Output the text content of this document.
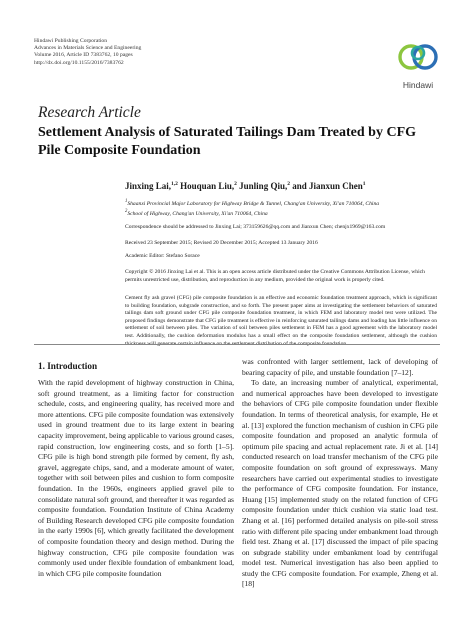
Hindawi Publishing Corporation
Advances in Materials Science and Engineering
Volume 2016, Article ID 7383762, 10 pages
http://dx.doi.org/10.1155/2016/7383762
Hindawi
Research Article
Settlement Analysis of Saturated Tailings Dam Treated by CFG Pile Composite Foundation
Jinxing Lai,$^{1,2}$ Houquan Liu,$^2$ Junling Qiu,$^2$ and Jianxun Chen$^1$
$^1$Shaanxi Provincial Major Laboratory for Highway Bridge & Tunnel, Chang'an University, Xi'an 710064, China
$^2$School of Highway, Chang'an University, Xi'an 710064, China
Correspondence should be addressed to Jinxing Lai; 373159626@qq.com and Jianxun Chen; chenjx1969@163.com
Received 23 September 2015; Revised 20 December 2015; Accepted 13 January 2016
Academic Editor: Stefano Sorace
Copyright © 2016 Jinxing Lai et al. This is an open access article distributed under the Creative Commons Attribution License, which permits unrestricted use, distribution, and reproduction in any medium, provided the original work is properly cited.
Cement fly ash gravel (CFG) pile composite foundation is an effective and economic foundation treatment approach, which is significant to building foundation, subgrade construction, and so forth. The present paper aims at investigating the settlement behaviors of saturated tailings dam soft ground under CFG pile composite foundation treatment, in which FEM and laboratory model test were utilized. The proposed findings demonstrate that CFG pile treatment is effective in reinforcing saturated tailings dams and loading has little influence on settlement of soil between piles. The variation of soil between piles settlement in FEM has a good agreement with the laboratory model test. Additionally, the cushion deformation modulus has a small effect on the composite foundation settlement, although the cushion thickness will generate certain influence on the settlement distribution of the composite foundation.
1. Introduction

With the rapid development of highway construction in China, soft ground treatment, as a limiting factor for construction schedule, costs, and engineering quality, has received more and more attentions. CFG pile composite foundation was extensively used in ground treatment due to its large extent in bearing capacity improvement, being applicable to various ground cases, rapid construction, low engineering costs, and so forth [1–5]. CFG pile is high bond strength pile formed by cement, fly ash, gravel, aggregate chips, sand, and a moderate amount of water, together with soil between piles and cushion to form composite foundation. In the 1960s, engineers applied gravel pile to consolidate natural soft ground, and thereafter it was regarded as composite foundation. Foundation Institute of China Academy of Building Research developed CFG pile composite foundation in the early 1990s [6], which greatly facilitated the development of composite foundation theory and design method. During the highway construction, CFG pile composite foundation was commonly used under flexible foundation of embankment load, in which CFG pile composite foundation

was confronted with larger settlement, lack of developing of bearing capacity of pile, and unstable foundation [7–12].

To date, an increasing number of analytical, experimental, and numerical approaches have been developed to investigate the behaviors of CFG pile composite foundation under flexible foundation. In terms of theoretical analysis, for example, He et al. [13] explored the function mechanism of cushion in CFG pile composite foundation and proposed an analytic formula of optimum pile spacing and actual replacement rate. Ji et al. [14] conducted research on load transfer mechanism of the CFG pile composite foundation on soft ground of expressways. Many researchers have carried out experimental studies to investigate the performance of CFG composite foundation. For instance, Huang [15] implemented study on the related function of CFG composite foundation under thick cushion via static load test. Zhang et al. [16] performed detailed analysis on pile-soil stress ratio with different pile spacing under embankment load through field test. Zhang et al. [17] discussed the impact of pile spacing on subgrade stability under embankment load by centrifugal model test. Numerical investigation has also been applied to study the CFG composite foundation. For example, Zheng et al. [18]
